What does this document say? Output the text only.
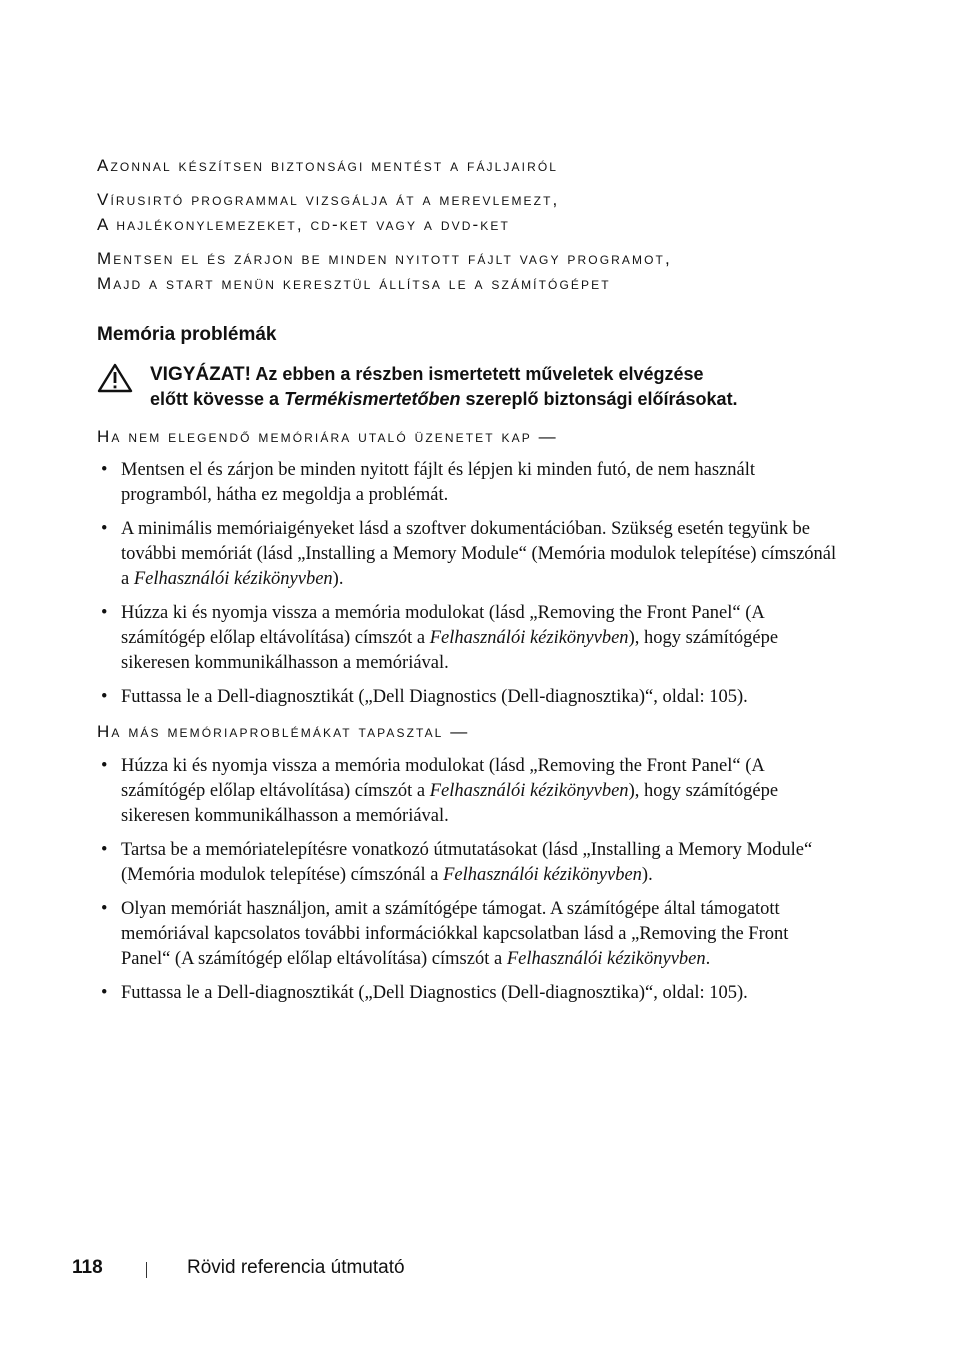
Azonnal készítsen biztonsági mentést a fájljairól
Vírusirtó programmal vizsgálja át a merevlemezt,
A hajlékonylemezeket, cd-ket vagy a dvd-ket
Mentsen el és zárjon be minden nyitott fájlt vagy programot,
Majd a start menün keresztül állítsa le a számítógépet
Memória problémák
VIGYÁZAT! Az ebben a részben ismertetett műveletek elvégzése
előtt kövesse a Termékismertetőben szereplő biztonsági előírásokat.
Ha nem elegendő memóriára utaló üzenetet kap —
• Mentsen el és zárjon be minden nyitott fájlt és lépjen ki minden futó, de nem használt programból, hátha ez megoldja a problémát.
• A minimális memóriaigényeket lásd a szoftver dokumentációban. Szükség esetén tegyünk be további memóriát (lásd „Installing a Memory Module“ (Memória modulok telepítése) címszónál a Felhasználói kézikönyvben).
• Húzza ki és nyomja vissza a memória modulokat (lásd „Removing the Front Panel“ (A számítógép előlap eltávolítása) címszót a Felhasználói kézikönyvben), hogy számítógépe sikeresen kommunikálhasson a memóriával.
• Futtassa le a Dell-diagnosztikát („Dell Diagnostics (Dell-diagnosztika)“, oldal: 105).
Ha más memóriaproblémákat tapasztal —
• Húzza ki és nyomja vissza a memória modulokat (lásd „Removing the Front Panel“ (A számítógép előlap eltávolítása) címszót a Felhasználói kézikönyvben), hogy számítógépe sikeresen kommunikálhasson a memóriával.
• Tartsa be a memóriatelepítésre vonatkozó útmutatásokat (lásd „Installing a Memory Module“ (Memória modulok telepítése) címszónál a Felhasználói kézikönyvben).
• Olyan memóriát használjon, amit a számítógépe támogat. A számítógépe által támogatott memóriával kapcsolatos további információkkal kapcsolatban lásd a „Removing the Front Panel“ (A számítógép előlap eltávolítása) címszót a Felhasználói kézikönyvben.
• Futtassa le a Dell-diagnosztikát („Dell Diagnostics (Dell-diagnosztika)“, oldal: 105).
118	Rövid referencia útmutató
